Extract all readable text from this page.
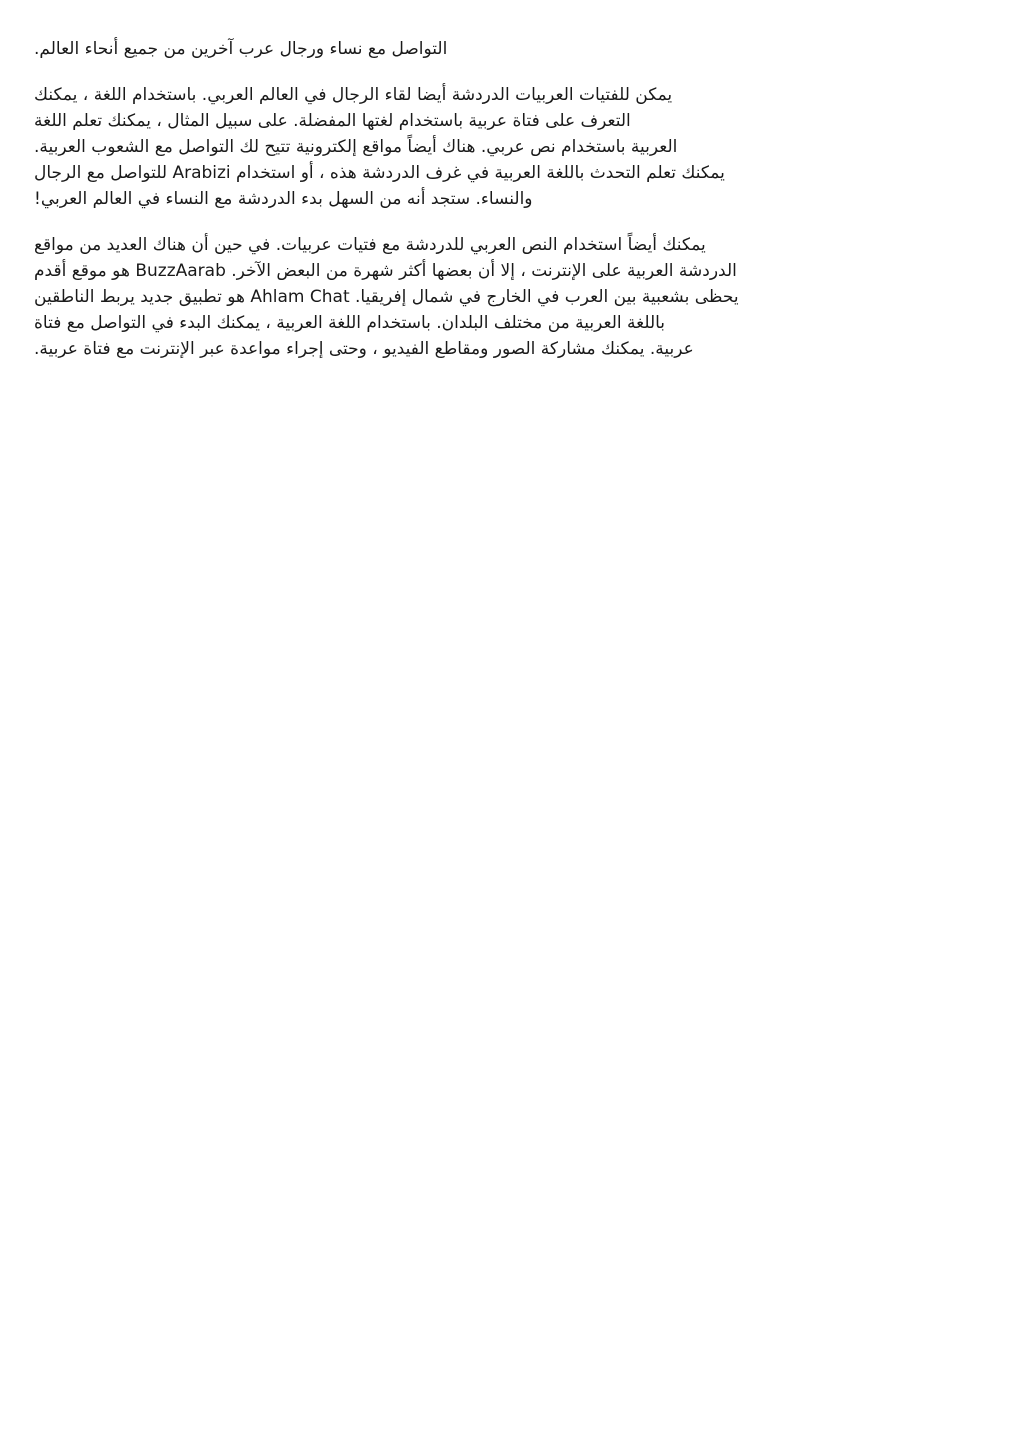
التواصل مع نساء ورجال عرب آخرين من جميع أنحاء العالم.

يمكن للفتيات العربيات الدردشة أيضا لقاء الرجال في العالم العربي. باستخدام اللغة ، يمكنك
التعرف على فتاة عربية باستخدام لغتها المفضلة. على سبيل المثال ، يمكنك تعلم اللغة
العربية باستخدام نص عربي. هناك أيضاً مواقع إلكترونية تتيح لك التواصل مع الشعوب العربية.
يمكنك تعلم التحدث باللغة العربية في غرف الدردشة هذه ، أو استخدام Arabizi للتواصل مع الرجال
والنساء. ستجد أنه من السهل بدء الدردشة مع النساء في العالم العربي!

يمكنك أيضاً استخدام النص العربي للدردشة مع فتيات عربيات. في حين أن هناك العديد من مواقع
الدردشة العربية على الإنترنت ، إلا أن بعضها أكثر شهرة من البعض الآخر. BuzzAarab هو موقع أقدم
يحظى بشعبية بين العرب في الخارج في شمال إفريقيا. Ahlam Chat هو تطبيق جديد يربط الناطقين
باللغة العربية من مختلف البلدان. باستخدام اللغة العربية ، يمكنك البدء في التواصل مع فتاة
عربية. يمكنك مشاركة الصور ومقاطع الفيديو ، وحتى إجراء مواعدة عبر الإنترنت مع فتاة عربية.
